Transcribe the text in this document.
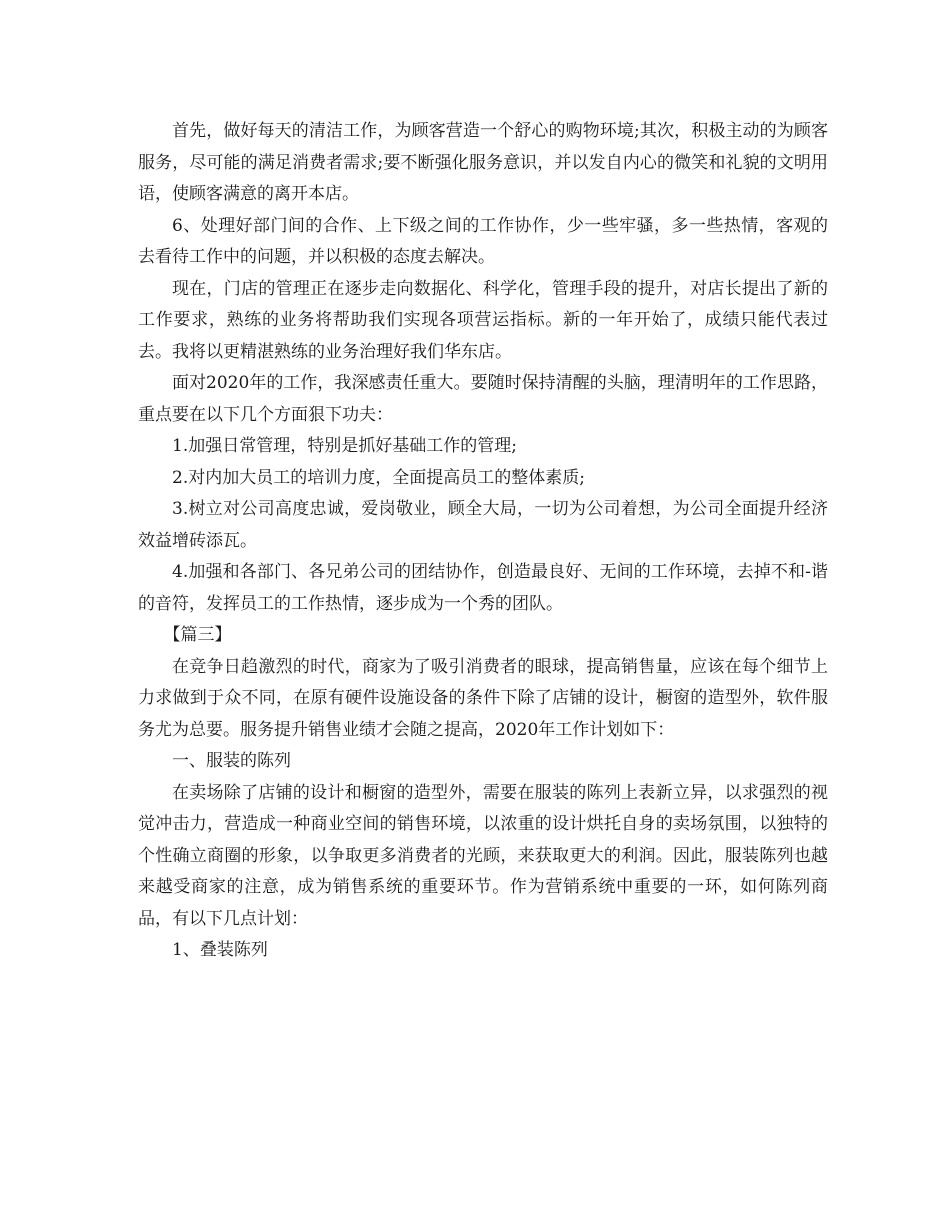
首先，做好每天的清洁工作，为顾客营造一个舒心的购物环境;其次，积极主动的为顾客服务，尽可能的满足消费者需求;要不断强化服务意识，并以发自内心的微笑和礼貌的文明用语，使顾客满意的离开本店。

6、处理好部门间的合作、上下级之间的工作协作，少一些牢骚，多一些热情，客观的去看待工作中的问题，并以积极的态度去解决。

现在，门店的管理正在逐步走向数据化、科学化，管理手段的提升，对店长提出了新的工作要求，熟练的业务将帮助我们实现各项营运指标。新的一年开始了，成绩只能代表过去。我将以更精湛熟练的业务治理好我们华东店。

面对2020年的工作，我深感责任重大。要随时保持清醒的头脑，理清明年的工作思路，重点要在以下几个方面狠下功夫：

1.加强日常管理，特别是抓好基础工作的管理;

2.对内加大员工的培训力度，全面提高员工的整体素质;

3.树立对公司高度忠诚，爱岗敬业，顾全大局，一切为公司着想，为公司全面提升经济效益增砖添瓦。

4.加强和各部门、各兄弟公司的团结协作，创造最良好、无间的工作环境，去掉不和-谐的音符，发挥员工的工作热情，逐步成为一个秀的团队。

【篇三】

在竞争日趋激烈的时代，商家为了吸引消费者的眼球，提高销售量，应该在每个细节上力求做到于众不同，在原有硬件设施设备的条件下除了店铺的设计，橱窗的造型外，软件服务尤为总要。服务提升销售业绩才会随之提高，2020年工作计划如下：

一、服装的陈列

在卖场除了店铺的设计和橱窗的造型外，需要在服装的陈列上表新立异，以求强烈的视觉冲击力，营造成一种商业空间的销售环境，以浓重的设计烘托自身的卖场氛围，以独特的个性确立商圈的形象，以争取更多消费者的光顾，来获取更大的利润。因此，服装陈列也越来越受商家的注意，成为销售系统的重要环节。作为营销系统中重要的一环，如何陈列商品，有以下几点计划：

1、叠装陈列
